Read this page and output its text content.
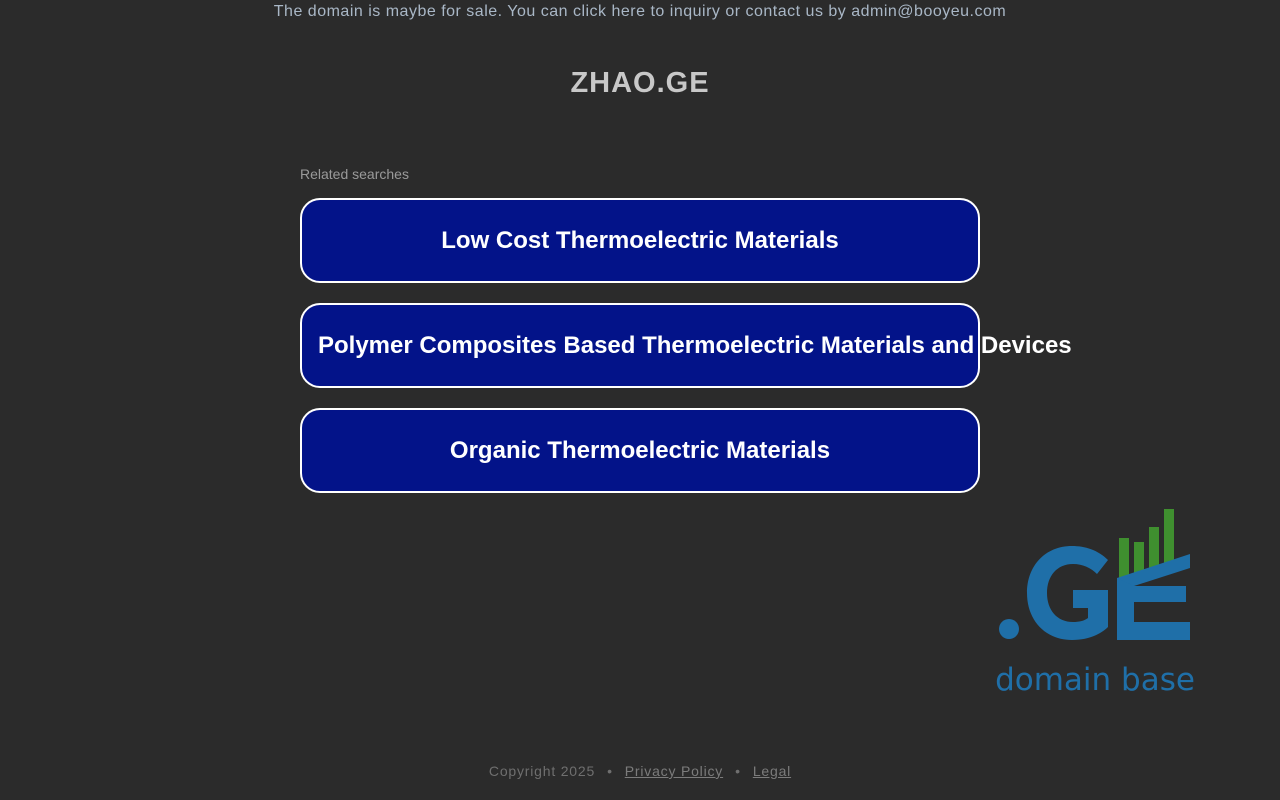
The domain is maybe for sale. You can click here to inquiry or contact us by admin@booyeu.com
ZHAO.GE
Related searches
Low Cost Thermoelectric Materials
Polymer Composites Based Thermoelectric Materials and Devices
Organic Thermoelectric Materials
domain base
Copyright 2025 • Privacy Policy • Legal
